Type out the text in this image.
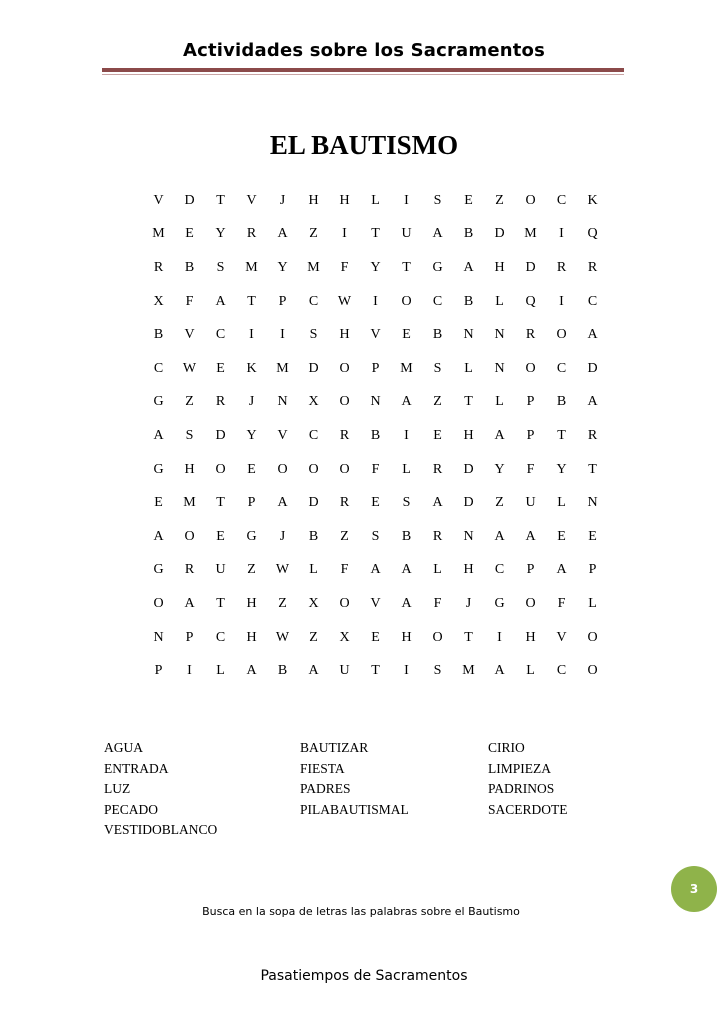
Actividades sobre los Sacramentos
EL BAUTISMO
V	D	T	V	J	H	H	L	I	S	E	Z	O	C	K
M	E	Y	R	A	Z	I	T	U	A	B	D	M	I	Q
R	B	S	M	Y	M	F	Y	T	G	A	H	D	R	R
X	F	A	T	P	C	W	I	O	C	B	L	Q	I	C
B	V	C	I	I	S	H	V	E	B	N	N	R	O	A
C	W	E	K	M	D	O	P	M	S	L	N	O	C	D
G	Z	R	J	N	X	O	N	A	Z	T	L	P	B	A
A	S	D	Y	V	C	R	B	I	E	H	A	P	T	R
G	H	O	E	O	O	O	F	L	R	D	Y	F	Y	T
E	M	T	P	A	D	R	E	S	A	D	Z	U	L	N
A	O	E	G	J	B	Z	S	B	R	N	A	A	E	E
G	R	U	Z	W	L	F	A	A	L	H	C	P	A	P
O	A	T	H	Z	X	O	V	A	F	J	G	O	F	L
N	P	C	H	W	Z	X	E	H	O	T	I	H	V	O
P	I	L	A	B	A	U	T	I	S	M	A	L	C	O
AGUA
ENTRADA
LUZ
PECADO
VESTIDOBLANCO
BAUTIZAR
FIESTA
PADRES
PILABAUTISMAL
CIRIO
LIMPIEZA
PADRINOS
SACERDOTE
3
Busca en la sopa de letras las palabras sobre el Bautismo
Pasatiempos de Sacramentos
